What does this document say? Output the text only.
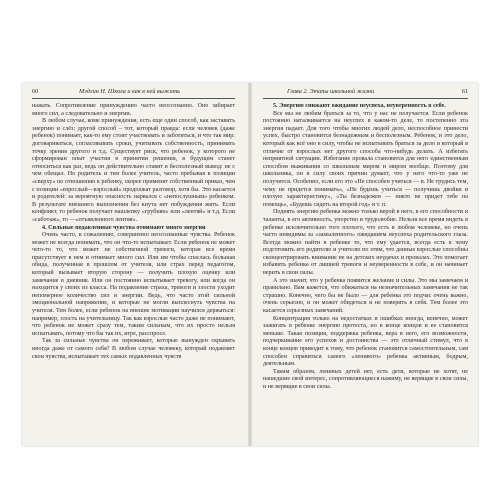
60	Мэдлин Н. Школа и как в ней выжить

нажать. Сопротивление принуждению часто неосознанно. Оно забирает много сил, а следовательно и энергии.

В любом случае, коме принуждения, есть еще один способ, как заставить энергию и слёз; другой способ – тот, который правда: если человек (даже ребенок) понимает, как-то ему стоит участвовать и заботиться, и что так мир: договариваться, согласовывать сроки, учитывать собственность, принимать точку зрения другого и т.д. Существует риск, что ребенок, у которого не сформирован опыт участия в принятии решения, в будущем станет относиться как раз, ведь он действительно ставит в бесполезный вывод: не с чем обещал. Но родитель и тем более учитель, часто пребывая в позиции «сверху» по отношению к ребенку, скорее применят собственный приказ, чем с позиции «взрослый—взрослый» продолжат разговор, хотя бы. Это касается и родителей: за вероятную опасность нарвался с «непослушным» ребенком. В результате внешнего выполнения без кнута нет побуждения жить. Если конфликт, то ребенок получает нашлепку «грубиян» или «лентяй» и т.д. Если «саботаж», то —«отъявленного лентяя».

4. Сильные подавленные чувства отнимают много энергии

Очень часто, к сожалению, совершенно неосознанные чувства. Ребенок может не всегда понимать, что он что-то испытывает. Если ребенок не может чего-то то, что может не собственной тревоги, которая все время присутствует в нем и отнимает много сил. Или им чтобы спаслась большая обида, полученная в прошлом от учителя, или страх перед педагогом, который вызывает вторую сторону — получить плохую оценку или замечание в дневник. Или он постоянно испытывает тревогу, или когда он находится у своих из класса. На подавление страха, тревоги и злости уходит непомерное количество сил и энергии. Ведь, что часто этой сильной эмоциональной напряжение, и которые не могли выплеснуть чувства на учителя. Тем более, если ребенок на внешне мотивации научился держаться: например, злость на учительницу. Так как взрослые часто даже не понимают, что ребенок не может сразу тем, таким сильным, что их просто нельзя испытывать, потому что бы так их, игре, расспросе.

Так за сильные чувства он переживает, которые вынужден скрывать иногда даже от самого себя? В любом случае человеку, который подавляет свои чувства, испытывает тех самых подавленных чувств

Глава 2. Этапы школьной жизни	61

5. Энергию снижают ожидание неуспеха, неуверенность в себе.

Все мы не любим браться за то, что у нас не получается. Если ребенок постоянно наталкивается на неуспех в каком-то деле, то постепенно эта энергия падает. Для того чтобы многих людей дело, неспособное принести успех, быстро становится безнадежным и бесполезным. Ребенок, и это дело, который как всё оно в силу, чтобы не испытывать браться за дело и который в отличие от взрослых нет другого способа что-нибудь делать. А избегать неприятной ситуации. Избегание провала становится для него единственным способом выживания со школьным миром и миром вообще. Поэтому для школьника, он в силу своих причин думает, что у него что-то уже не получится. Особенно, если его это «Не способен учиться — в. Не трудись тем, чему не придется понимать», «Не будешь учиться — получишь двойки и плохую характеристику», «Ты безнадежен — никто не придет тебе на помощь», «Будешь сидеть на второй год» и т. п.

Поднять энергию ребенка можно только верой в него, в его способности и таланты, в его активность, упорство и трудолюбие. Нельзя все время видеть в ребенке исключительно того плохого, что есть в любом человеке, но очень часто невидимы за «замыленного» ожиданием неуспеха родительского глаза. Всегда можно найти в ребенке то, что ему удается, всегда есть к чему подготовить его родителю и учителю по этим, что данные взрослые способны сконцентрировать внимание не на детских неудачах и провалах. Это помогает избавить ребенка от лишней тревоги и неуверенности в себе, и он начинает верить в свои силы.

А это значит, что у ребенка появится желание и силы. Это мы замечаем и правильно. Вам кажется, что обижаться на незначительных замечания не так страшно. Конечно, чего бы не было — для ребенка это подчас очень важно, очень серьезно, и он может обидеться и не поверить в себя. Тем более это касается серьезных замечаний.

Концентрация только на недостатках и ошибках иногда, конечно, может зажигать в ребенке энергию протеста, но в конце концов и ее становится меньше. Такая позиция, поддержка ребенка, вера в него, его возможности, подчеркивание его успехов и достоинства — это отличный стимул, что в конце концов приводит к тому, что ребенок становится самостоятельным, сам способен справиться самого «ленивого» ребенка активным, бодрым, деятельным.

Таким образом, ленивых детей нет, есть дети, которые не хотят, не нашедшие свой интерес, сопротивляющиеся нажиму, не верящие в свои силы, и не верящие в свои силы.
